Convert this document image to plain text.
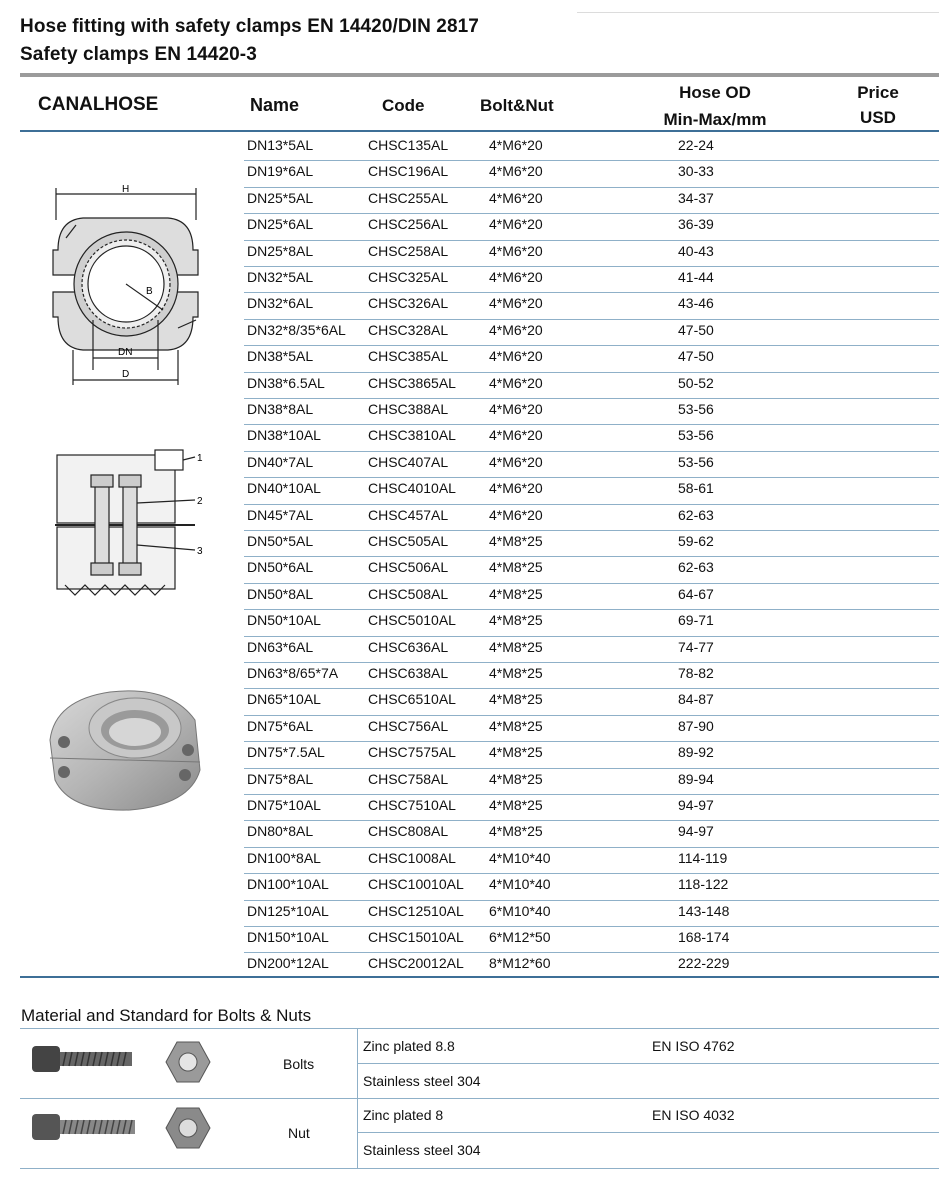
Hose fitting with safety clamps EN 14420/DIN 2817
Safety clamps EN 14420-3
CANALHOSE	Name	Code	Bolt&Nut
Hose OD
Min-Max/mm
Price
USD
DN13*5AL	CHSC135AL	4*M6*20	22-24
DN19*6AL	CHSC196AL	4*M6*20	30-33
DN25*5AL	CHSC255AL	4*M6*20	34-37
DN25*6AL	CHSC256AL	4*M6*20	36-39
DN25*8AL	CHSC258AL	4*M6*20	40-43
DN32*5AL	CHSC325AL	4*M6*20	41-44
DN32*6AL	CHSC326AL	4*M6*20	43-46
DN32*8/35*6AL CHSC328AL	4*M6*20	47-50
DN38*5AL	CHSC385AL	4*M6*20	47-50
DN38*6.5AL	CHSC3865AL 4*M6*20	50-52
DN38*8AL	CHSC388AL	4*M6*20	53-56
DN38*10AL	CHSC3810AL 4*M6*20	53-56
DN40*7AL	CHSC407AL	4*M6*20	53-56
DN40*10AL	CHSC4010AL 4*M6*20	58-61
DN45*7AL	CHSC457AL	4*M6*20	62-63
DN50*5AL	CHSC505AL	4*M8*25	59-62
DN50*6AL	CHSC506AL	4*M8*25	62-63
DN50*8AL	CHSC508AL	4*M8*25	64-67
DN50*10AL	CHSC5010AL 4*M8*25	69-71
DN63*6AL	CHSC636AL	4*M8*25	74-77
DN63*8/65*7A CHSC638AL	4*M8*25	78-82
DN65*10AL	CHSC6510AL 4*M8*25	84-87
DN75*6AL	CHSC756AL	4*M8*25	87-90
DN75*7.5AL	CHSC7575AL 4*M8*25	89-92
DN75*8AL	CHSC758AL	4*M8*25	89-94
DN75*10AL	CHSC7510AL 4*M8*25	94-97
DN80*8AL	CHSC808AL	4*M8*25	94-97
DN100*8AL	CHSC1008AL 4*M10*40	114-119
DN100*10AL	CHSC10010AL 4*M10*40	118-122
DN125*10AL	CHSC12510AL 6*M10*40	143-148
DN150*10AL	CHSC15010AL 6*M12*50	168-174
DN200*12AL	CHSC20012AL 8*M12*60	222-229
H
DN
D
B
1
2
3
Material and Standard for Bolts & Nuts
Bolts
Nut
Zinc plated 8.8	EN ISO 4762
Stainless steel 304
Zinc plated 8	EN ISO 4032
Stainless steel 304
